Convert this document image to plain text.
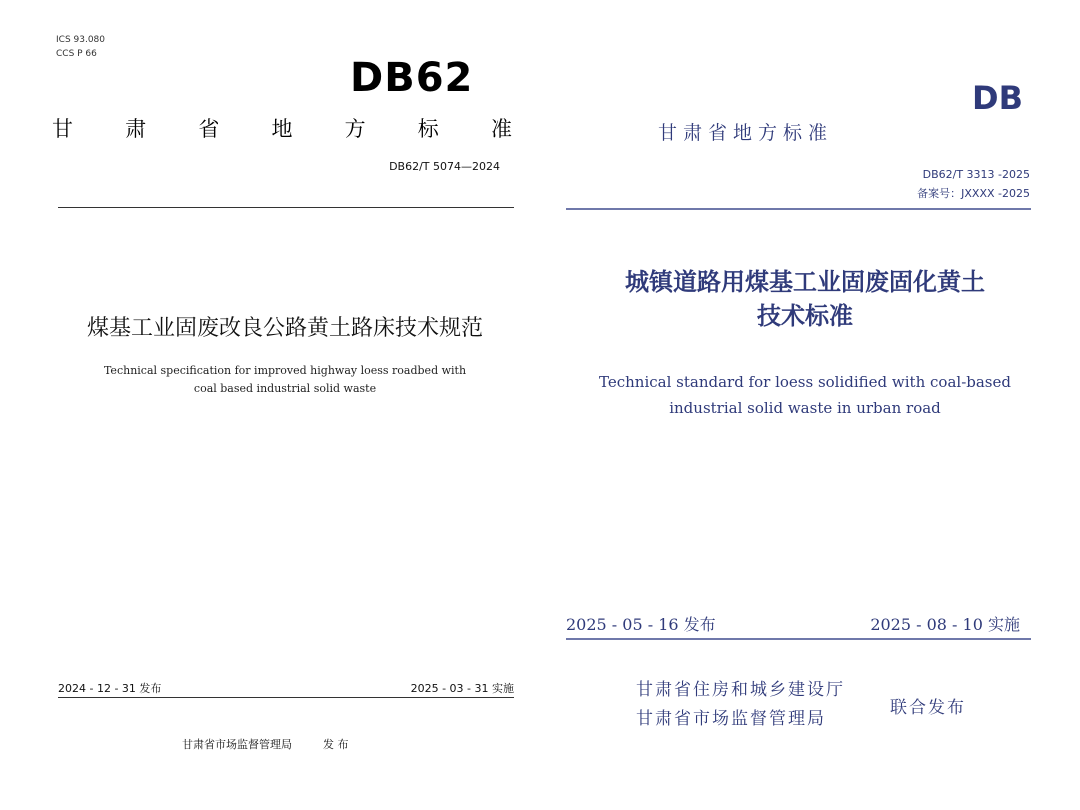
ICS 93.080
CCS P 66
DB62
甘 肃 省 地 方 标 准
DB62/T 5074—2024
煤基工业固废改良公路黄土路床技术规范
Technical specification for improved highway loess roadbed with
coal based industrial solid waste
2024 - 12 - 31 发布	2025 - 03 - 31 实施
甘肃省市场监督管理局	发 布
DB
甘肃省地方标准
DB62/T 3313 -2025
备案号：JXXXX -2025
城镇道路用煤基工业固废固化黄土
技术标准
Technical standard for loess solidified with coal-based
industrial solid waste in urban road
2025 - 05 - 16 发布	2025 - 08 - 10 实施
甘肃省住房和城乡建设厅
甘肃省市场监督管理局
联合发布
